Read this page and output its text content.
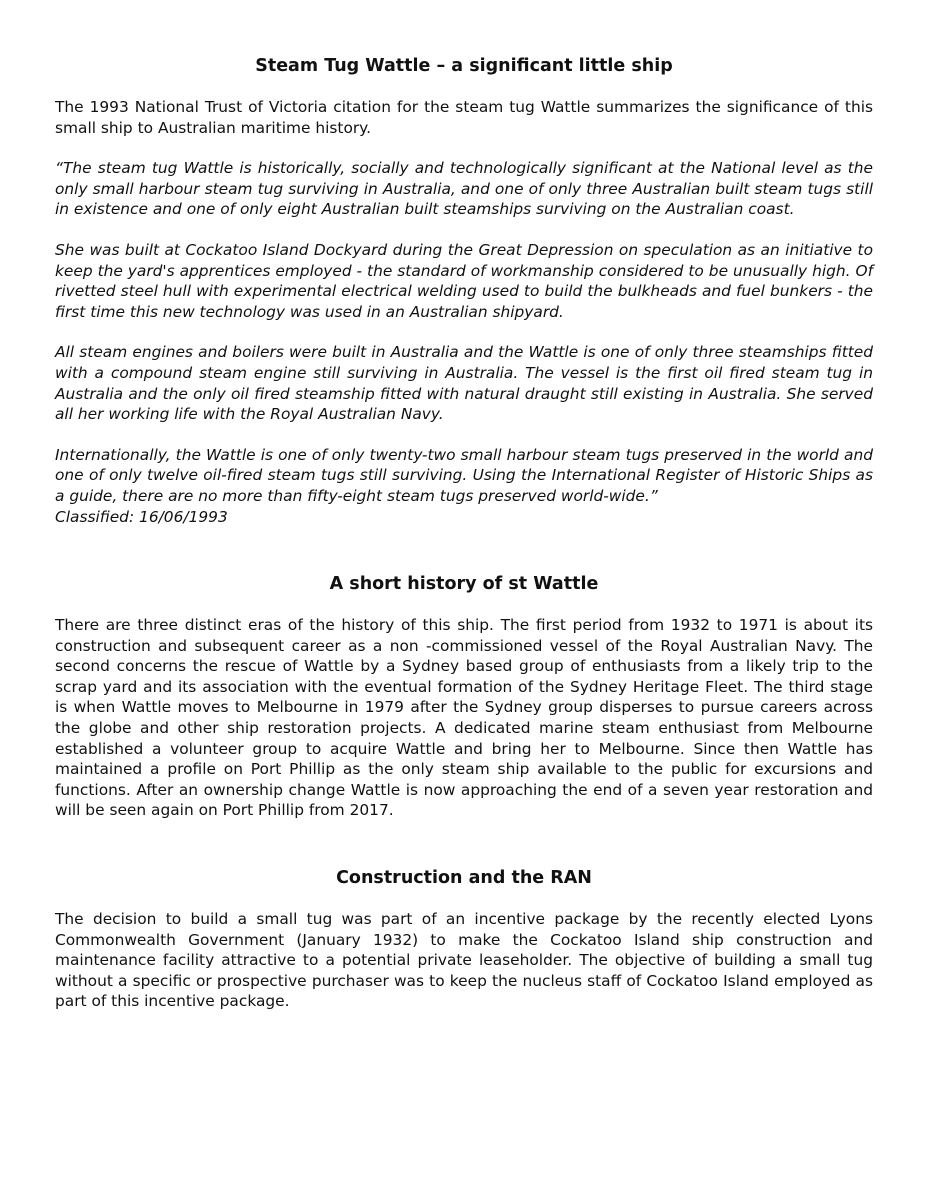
Steam Tug Wattle – a significant little ship

The 1993 National Trust of Victoria citation for the steam tug Wattle summarizes the significance of this small ship to Australian maritime history.

“The steam tug Wattle is historically, socially and technologically significant at the National level as the only small harbour steam tug surviving in Australia, and one of only three Australian built steam tugs still in existence and one of only eight Australian built steamships surviving on the Australian coast.

She was built at Cockatoo Island Dockyard during the Great Depression on speculation as an initiative to keep the yard's apprentices employed - the standard of workmanship considered to be unusually high. Of rivetted steel hull with experimental electrical welding used to build the bulkheads and fuel bunkers - the first time this new technology was used in an Australian shipyard.

All steam engines and boilers were built in Australia and the Wattle is one of only three steamships fitted with a compound steam engine still surviving in Australia. The vessel is the first oil fired steam tug in Australia and the only oil fired steamship fitted with natural draught still existing in Australia. She served all her working life with the Royal Australian Navy.

Internationally, the Wattle is one of only twenty-two small harbour steam tugs preserved in the world and one of only twelve oil-fired steam tugs still surviving. Using the International Register of Historic Ships as a guide, there are no more than fifty-eight steam tugs preserved world-wide.”

Classified: 16/06/1993

A short history of st Wattle

There are three distinct eras of the history of this ship. The first period from 1932 to 1971 is about its construction and subsequent career as a non -commissioned vessel of the Royal Australian Navy. The second concerns the rescue of Wattle by a Sydney based group of enthusiasts from a likely trip to the scrap yard and its association with the eventual formation of the Sydney Heritage Fleet. The third stage is when Wattle moves to Melbourne in 1979 after the Sydney group disperses to pursue careers across the globe and other ship restoration projects. A dedicated marine steam enthusiast from Melbourne established a volunteer group to acquire Wattle and bring her to Melbourne. Since then Wattle has maintained a profile on Port Phillip as the only steam ship available to the public for excursions and functions. After an ownership change Wattle is now approaching the end of a seven year restoration and will be seen again on Port Phillip from 2017.

Construction and the RAN

The decision to build a small tug was part of an incentive package by the recently elected Lyons Commonwealth Government (January 1932) to make the Cockatoo Island ship construction and maintenance facility attractive to a potential private leaseholder. The objective of building a small tug without a specific or prospective purchaser was to keep the nucleus staff of Cockatoo Island employed as part of this incentive package.
